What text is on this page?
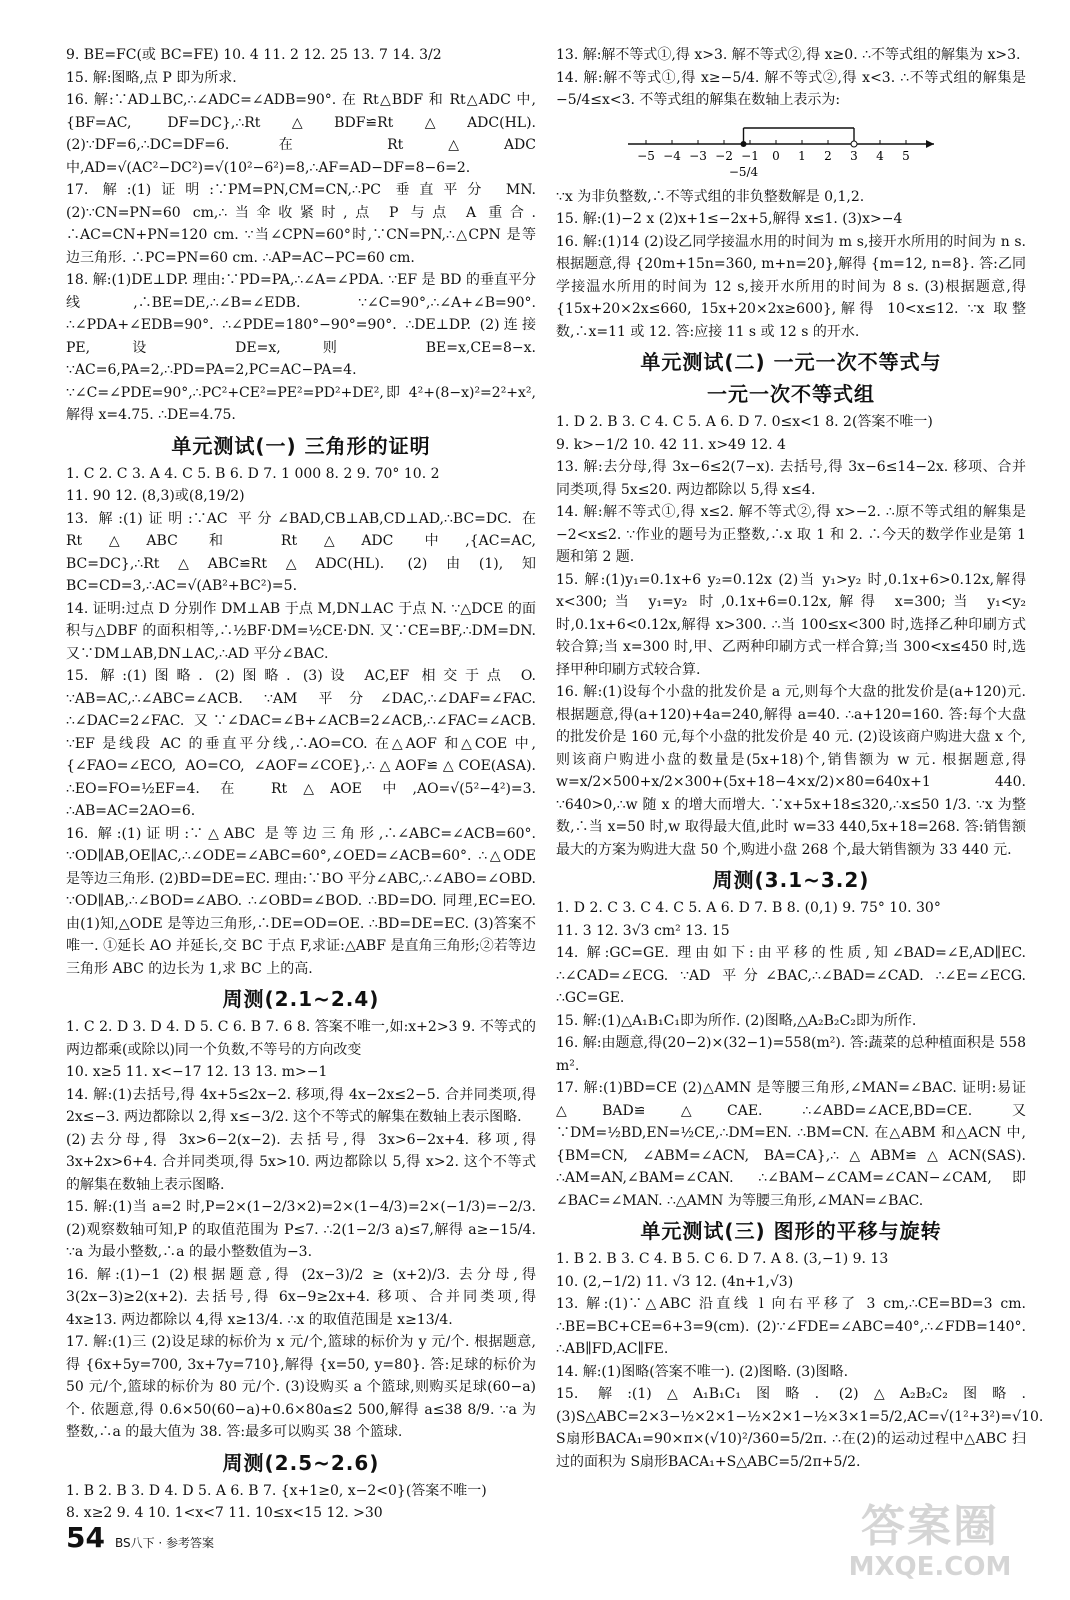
9. BE=FC(或 BC=FE) 10. 4 11. 2 12. 25 13. 7 14. 3/2

15. 解:图略,点 P 即为所求.

16. 解:∵AD⊥BC,∴∠ADC=∠ADB=90°. 在 Rt△BDF 和 Rt△ADC 中,{BF=AC, DF=DC},∴Rt△BDF≌Rt△ADC(HL). (2)∵DF=6,∴DC=DF=6. 在 Rt△ADC 中,AD=√(AC²−DC²)=√(10²−6²)=8,∴AF=AD−DF=8−6=2.

17. 解:(1)证明:∵PM=PN,CM=CN,∴PC 垂直平分 MN. (2)∵CN=PN=60 cm,∴当伞收紧时,点 P 与点 A 重合. ∴AC=CN+PN=120 cm. ∵当∠CPN=60°时,∵CN=PN,∴△CPN 是等边三角形. ∴PC=PN=60 cm. ∴AP=AC−PC=60 cm.

18. 解:(1)DE⊥DP. 理由:∵PD=PA,∴∠A=∠PDA. ∵EF 是 BD 的垂直平分线,∴BE=DE,∴∠B=∠EDB. ∵∠C=90°,∴∠A+∠B=90°. ∴∠PDA+∠EDB=90°. ∴∠PDE=180°−90°=90°. ∴DE⊥DP. (2)连接 PE,设 DE=x,则 BE=x,CE=8−x. ∵AC=6,PA=2,∴PD=PA=2,PC=AC−PA=4. ∵∠C=∠PDE=90°,∴PC²+CE²=PE²=PD²+DE²,即 4²+(8−x)²=2²+x²,解得 x=4.75. ∴DE=4.75.

单元测试(一) 三角形的证明

1. C 2. C 3. A 4. C 5. B 6. D 7. 1 000 8. 2 9. 70° 10. 2

11. 90 12. (8,3)或(8,19/2)

13. 解:(1)证明:∵AC 平分∠BAD,CB⊥AB,CD⊥AD,∴BC=DC. 在 Rt△ABC 和 Rt△ADC 中,{AC=AC, BC=DC},∴Rt△ABC≌Rt△ADC(HL). (2)由(1),知 BC=CD=3,∴AC=√(AB²+BC²)=5.

14. 证明:过点 D 分别作 DM⊥AB 于点 M,DN⊥AC 于点 N. ∵△DCE 的面积与△DBF 的面积相等,∴½BF·DM=½CE·DN. 又∵CE=BF,∴DM=DN. 又∵DM⊥AB,DN⊥AC,∴AD 平分∠BAC.

15. 解:(1)图略. (2)图略. (3)设 AC,EF 相交于点 O. ∵AB=AC,∴∠ABC=∠ACB. ∵AM 平分∠DAC,∴∠DAF=∠FAC. ∴∠DAC=2∠FAC. 又∵∠DAC=∠B+∠ACB=2∠ACB,∴∠FAC=∠ACB. ∵EF 是线段 AC 的垂直平分线,∴AO=CO. 在△AOF 和△COE 中,{∠FAO=∠ECO, AO=CO, ∠AOF=∠COE},∴△AOF≌△COE(ASA). ∴EO=FO=½EF=4. 在 Rt△AOE 中,AO=√(5²−4²)=3. ∴AB=AC=2AO=6.

16. 解:(1)证明:∵△ABC 是等边三角形,∴∠ABC=∠ACB=60°. ∵OD∥AB,OE∥AC,∴∠ODE=∠ABC=60°,∠OED=∠ACB=60°. ∴△ODE 是等边三角形. (2)BD=DE=EC. 理由:∵BO 平分∠ABC,∴∠ABO=∠OBD. ∵OD∥AB,∴∠BOD=∠ABO. ∴∠OBD=∠BOD. ∴BD=DO. 同理,EC=EO. 由(1)知,△ODE 是等边三角形,∴DE=OD=OE. ∴BD=DE=EC. (3)答案不唯一. ①延长 AO 并延长,交 BC 于点 F,求证:△ABF 是直角三角形;②若等边三角形 ABC 的边长为 1,求 BC 上的高.

周测(2.1~2.4)

1. C 2. D 3. D 4. D 5. C 6. B 7. 6 8. 答案不唯一,如:x+2>3 9. 不等式的两边都乘(或除以)同一个负数,不等号的方向改变

10. x≥5 11. x<−17 12. 13 13. m>−1

14. 解:(1)去括号,得 4x+5≤2x−2. 移项,得 4x−2x≤2−5. 合并同类项,得 2x≤−3. 两边都除以 2,得 x≤−3/2. 这个不等式的解集在数轴上表示图略.

(2)去分母,得 3x>6−2(x−2). 去括号,得 3x>6−2x+4. 移项,得 3x+2x>6+4. 合并同类项,得 5x>10. 两边都除以 5,得 x>2. 这个不等式的解集在数轴上表示图略.

15. 解:(1)当 a=2 时,P=2×(1−2/3×2)=2×(1−4/3)=2×(−1/3)=−2/3. (2)观察数轴可知,P 的取值范围为 P≤7. ∴2(1−2/3 a)≤7,解得 a≥−15/4. ∵a 为最小整数,∴a 的最小整数值为−3.

16. 解:(1)−1 (2)根据题意,得 (2x−3)/2 ≥ (x+2)/3. 去分母,得 3(2x−3)≥2(x+2). 去括号,得 6x−9≥2x+4. 移项、合并同类项,得 4x≥13. 两边都除以 4,得 x≥13/4. ∴x 的取值范围是 x≥13/4.

17. 解:(1)三 (2)设足球的标价为 x 元/个,篮球的标价为 y 元/个. 根据题意,得 {6x+5y=700, 3x+7y=710},解得 {x=50, y=80}. 答:足球的标价为 50 元/个,篮球的标价为 80 元/个. (3)设购买 a 个篮球,则购买足球(60−a)个. 依题意,得 0.6×50(60−a)+0.6×80a≤2 500,解得 a≤38 8/9. ∵a 为整数,∴a 的最大值为 38. 答:最多可以购买 38 个篮球.

周测(2.5~2.6)

1. B 2. B 3. D 4. D 5. A 6. B 7. {x+1≥0, x−2<0}(答案不唯一)

8. x≥2 9. 4 10. 1<x<7 11. 10≤x<15 12. >30

13. 解:解不等式①,得 x>3. 解不等式②,得 x≥0. ∴不等式组的解集为 x>3.

14. 解:解不等式①,得 x≥−5/4. 解不等式②,得 x<3. ∴不等式组的解集是−5/4≤x<3. 不等式组的解集在数轴上表示为:

−5 −4 −3 −2 −1 0 1 2 3 4 5
−5/4

∵x 为非负整数,∴不等式组的非负整数解是 0,1,2.

15. 解:(1)−2 x (2)x+1≤−2x+5,解得 x≤1. (3)x>−4

16. 解:(1)14 (2)设乙同学接温水用的时间为 m s,接开水所用的时间为 n s. 根据题意,得 {20m+15n=360, m+n=20},解得 {m=12, n=8}. 答:乙同学接温水所用的时间为 12 s,接开水所用的时间为 8 s. (3)根据题意,得 {15x+20×2x≤660, 15x+20×2x≥600},解得 10<x≤12. ∵x 取整数,∴x=11 或 12. 答:应接 11 s 或 12 s 的开水.

单元测试(二) 一元一次不等式与
一元一次不等式组

1. D 2. B 3. C 4. C 5. A 6. D 7. 0≤x<1 8. 2(答案不唯一)

9. k>−1/2 10. 42 11. x>49 12. 4

13. 解:去分母,得 3x−6≤2(7−x). 去括号,得 3x−6≤14−2x. 移项、合并同类项,得 5x≤20. 两边都除以 5,得 x≤4.

14. 解:解不等式①,得 x≤2. 解不等式②,得 x>−2. ∴原不等式组的解集是−2<x≤2. ∵作业的题号为正整数,∴x 取 1 和 2. ∴今天的数学作业是第 1 题和第 2 题.

15. 解:(1)y₁=0.1x+6 y₂=0.12x (2)当 y₁>y₂ 时,0.1x+6>0.12x,解得 x<300;当 y₁=y₂ 时,0.1x+6=0.12x,解得 x=300;当 y₁<y₂ 时,0.1x+6<0.12x,解得 x>300. ∴当 100≤x<300 时,选择乙种印刷方式较合算;当 x=300 时,甲、乙两种印刷方式一样合算;当 300<x≤450 时,选择甲种印刷方式较合算.

16. 解:(1)设每个小盘的批发价是 a 元,则每个大盘的批发价是(a+120)元. 根据题意,得(a+120)+4a=240,解得 a=40. ∴a+120=160. 答:每个大盘的批发价是 160 元,每个小盘的批发价是 40 元. (2)设该商户购进大盘 x 个,则该商户购进小盘的数量是(5x+18)个,销售额为 w 元. 根据题意,得 w=x/2×500+x/2×300+(5x+18−4×x/2)×80=640x+1 440. ∵640>0,∴w 随 x 的增大而增大. ∵x+5x+18≤320,∴x≤50 1/3. ∵x 为整数,∴当 x=50 时,w 取得最大值,此时 w=33 440,5x+18=268. 答:销售额最大的方案为购进大盘 50 个,购进小盘 268 个,最大销售额为 33 440 元.

周测(3.1~3.2)

1. D 2. C 3. C 4. C 5. A 6. D 7. B 8. (0,1) 9. 75° 10. 30°

11. 3 12. 3√3 cm² 13. 15

14. 解:GC=GE. 理由如下:由平移的性质,知∠BAD=∠E,AD∥EC. ∴∠CAD=∠ECG. ∵AD 平分∠BAC,∴∠BAD=∠CAD. ∴∠E=∠ECG. ∴GC=GE.

15. 解:(1)△A₁B₁C₁即为所作. (2)图略,△A₂B₂C₂即为所作.

16. 解:由题意,得(20−2)×(32−1)=558(m²). 答:蔬菜的总种植面积是 558 m².

17. 解:(1)BD=CE (2)△AMN 是等腰三角形,∠MAN=∠BAC. 证明:易证△BAD≌△CAE. ∴∠ABD=∠ACE,BD=CE. 又∵DM=½BD,EN=½CE,∴DM=EN. ∴BM=CN. 在△ABM 和△ACN 中,{BM=CN, ∠ABM=∠ACN, BA=CA},∴△ABM≌△ACN(SAS). ∴AM=AN,∠BAM=∠CAN. ∴∠BAM−∠CAM=∠CAN−∠CAM,即∠BAC=∠MAN. ∴△AMN 为等腰三角形,∠MAN=∠BAC.

单元测试(三) 图形的平移与旋转

1. B 2. B 3. C 4. B 5. C 6. D 7. A 8. (3,−1) 9. 13

10. (2,−1/2) 11. √3 12. (4n+1,√3)

13. 解:(1)∵△ABC 沿直线 l 向右平移了 3 cm,∴CE=BD=3 cm. ∴BE=BC+CE=6+3=9(cm). (2)∵∠FDE=∠ABC=40°,∴∠FDB=140°. ∴AB∥FD,AC∥FE.

14. 解:(1)图略(答案不唯一). (2)图略. (3)图略.

15. 解:(1)△A₁B₁C₁图略. (2)△A₂B₂C₂图略. (3)S△ABC=2×3−½×2×1−½×2×1−½×3×1=5/2,AC=√(1²+3²)=√10. S扇形BACA₁=90×π×(√10)²/360=5/2π. ∴在(2)的运动过程中△ABC 扫过的面积为 S扇形BACA₁+S△ABC=5/2π+5/2.

54 BS八下 · 参考答案	答案圈
MXQE.COM
